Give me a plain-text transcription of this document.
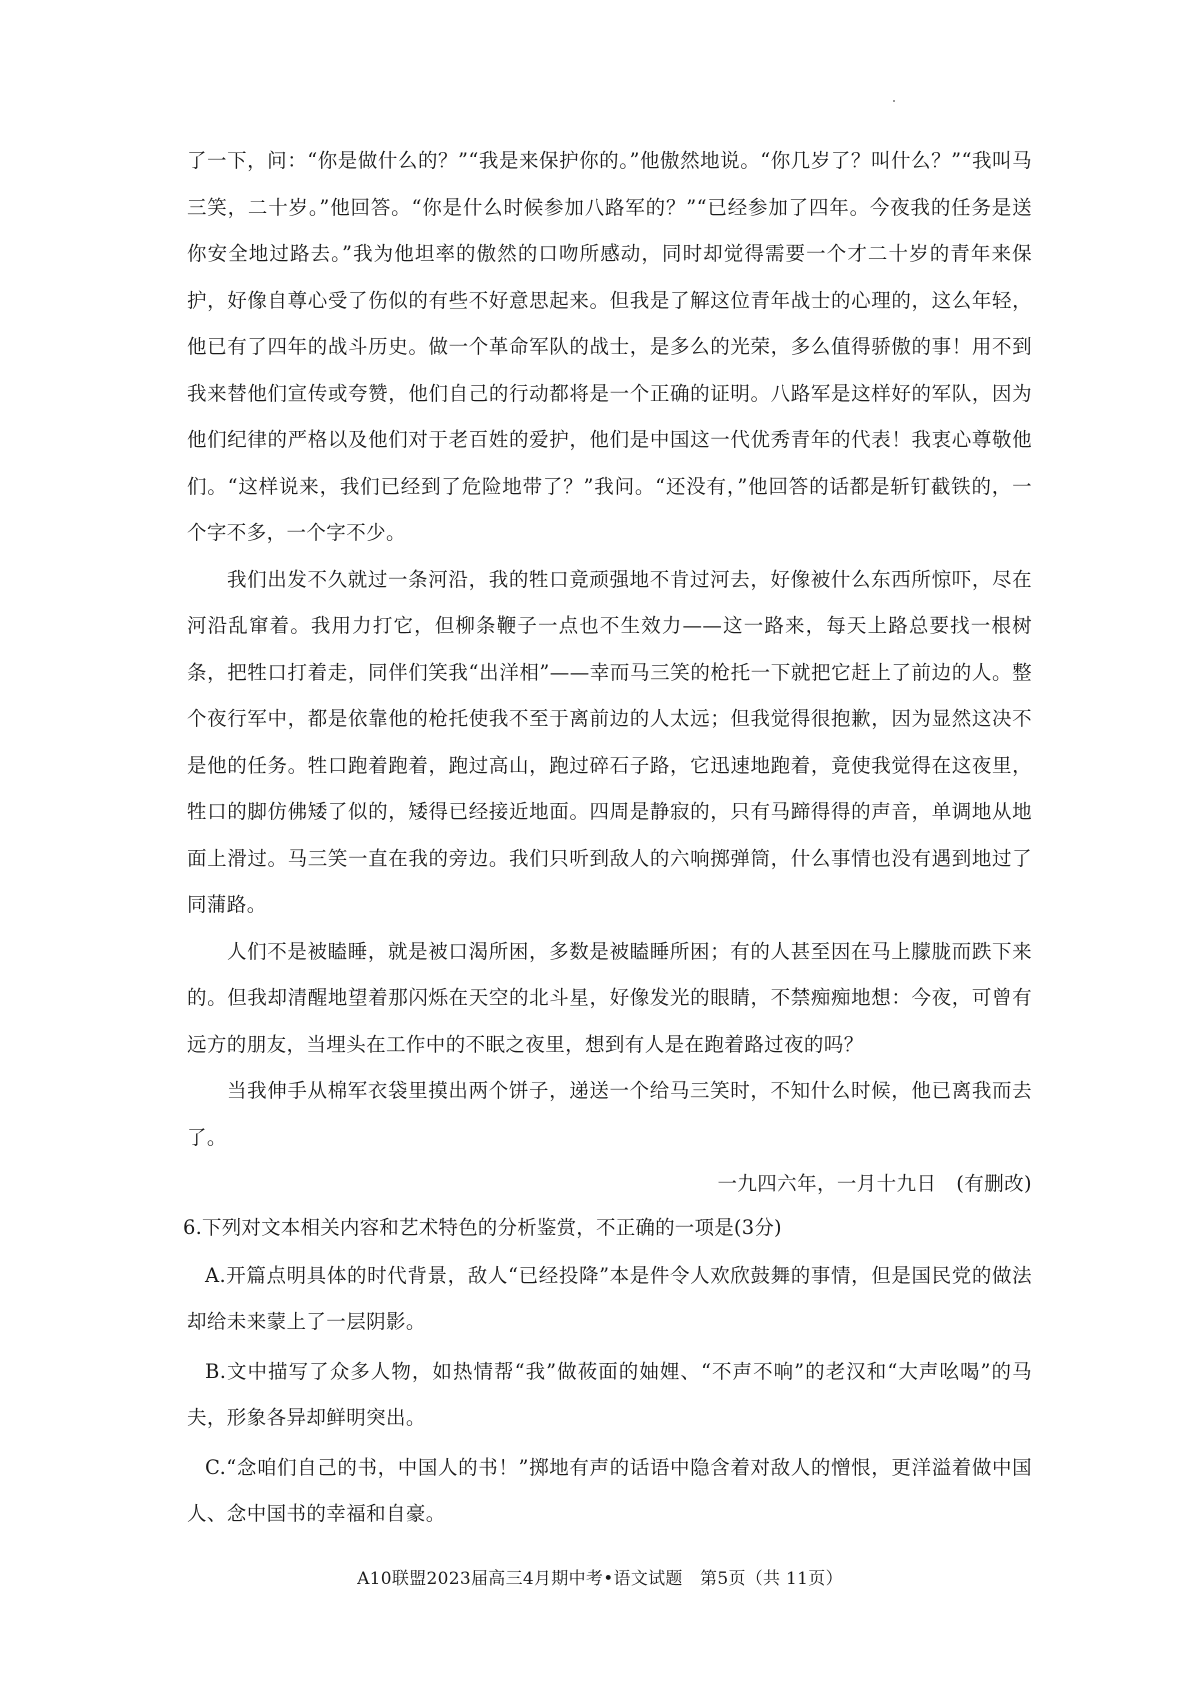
了一下，问：“你是做什么的？”“我是来保护你的。”他傲然地说。“你几岁了？叫什么？”“我叫马三笑，二十岁。”他回答。“你是什么时候参加八路军的？”“已经参加了四年。今夜我的任务是送你安全地过路去。”我为他坦率的傲然的口吻所感动，同时却觉得需要一个才二十岁的青年来保护，好像自尊心受了伤似的有些不好意思起来。但我是了解这位青年战士的心理的，这么年轻，他已有了四年的战斗历史。做一个革命军队的战士，是多么的光荣，多么值得骄傲的事！用不到我来替他们宣传或夸赞，他们自己的行动都将是一个正确的证明。八路军是这样好的军队，因为他们纪律的严格以及他们对于老百姓的爱护，他们是中国这一代优秀青年的代表！我衷心尊敬他们。“这样说来，我们已经到了危险地带了？”我问。“还没有，”他回答的话都是斩钉截铁的，一个字不多，一个字不少。

我们出发不久就过一条河沿，我的牲口竟顽强地不肯过河去，好像被什么东西所惊吓，尽在河沿乱窜着。我用力打它，但柳条鞭子一点也不生效力——这一路来，每天上路总要找一根树条，把牲口打着走，同伴们笑我“出洋相”——幸而马三笑的枪托一下就把它赶上了前边的人。整个夜行军中，都是依靠他的枪托使我不至于离前边的人太远；但我觉得很抱歉，因为显然这决不是他的任务。牲口跑着跑着，跑过高山，跑过碎石子路，它迅速地跑着，竟使我觉得在这夜里，牲口的脚仿佛矮了似的，矮得已经接近地面。四周是静寂的，只有马蹄得得的声音，单调地从地面上滑过。马三笑一直在我的旁边。我们只听到敌人的六响掷弹筒，什么事情也没有遇到地过了同蒲路。

人们不是被瞌睡，就是被口渴所困，多数是被瞌睡所困；有的人甚至因在马上朦胧而跌下来的。但我却清醒地望着那闪烁在天空的北斗星，好像发光的眼睛，不禁痴痴地想：今夜，可曾有远方的朋友，当埋头在工作中的不眠之夜里，想到有人是在跑着路过夜的吗？

当我伸手从棉军衣袋里摸出两个饼子，递送一个给马三笑时，不知什么时候，他已离我而去了。

一九四六年，一月十九日　(有删改)

6.下列对文本相关内容和艺术特色的分析鉴赏，不正确的一项是(3分)

A.开篇点明具体的时代背景，敌人“已经投降”本是件令人欢欣鼓舞的事情，但是国民党的做法却给未来蒙上了一层阴影。

B.文中描写了众多人物，如热情帮“我”做莜面的妯娌、“不声不响”的老汉和“大声吆喝”的马夫，形象各异却鲜明突出。

C.“念咱们自己的书，中国人的书！”掷地有声的话语中隐含着对敌人的憎恨，更洋溢着做中国人、念中国书的幸福和自豪。

A10联盟2023届高三4月期中考•语文试题　第5页（共 11页）
